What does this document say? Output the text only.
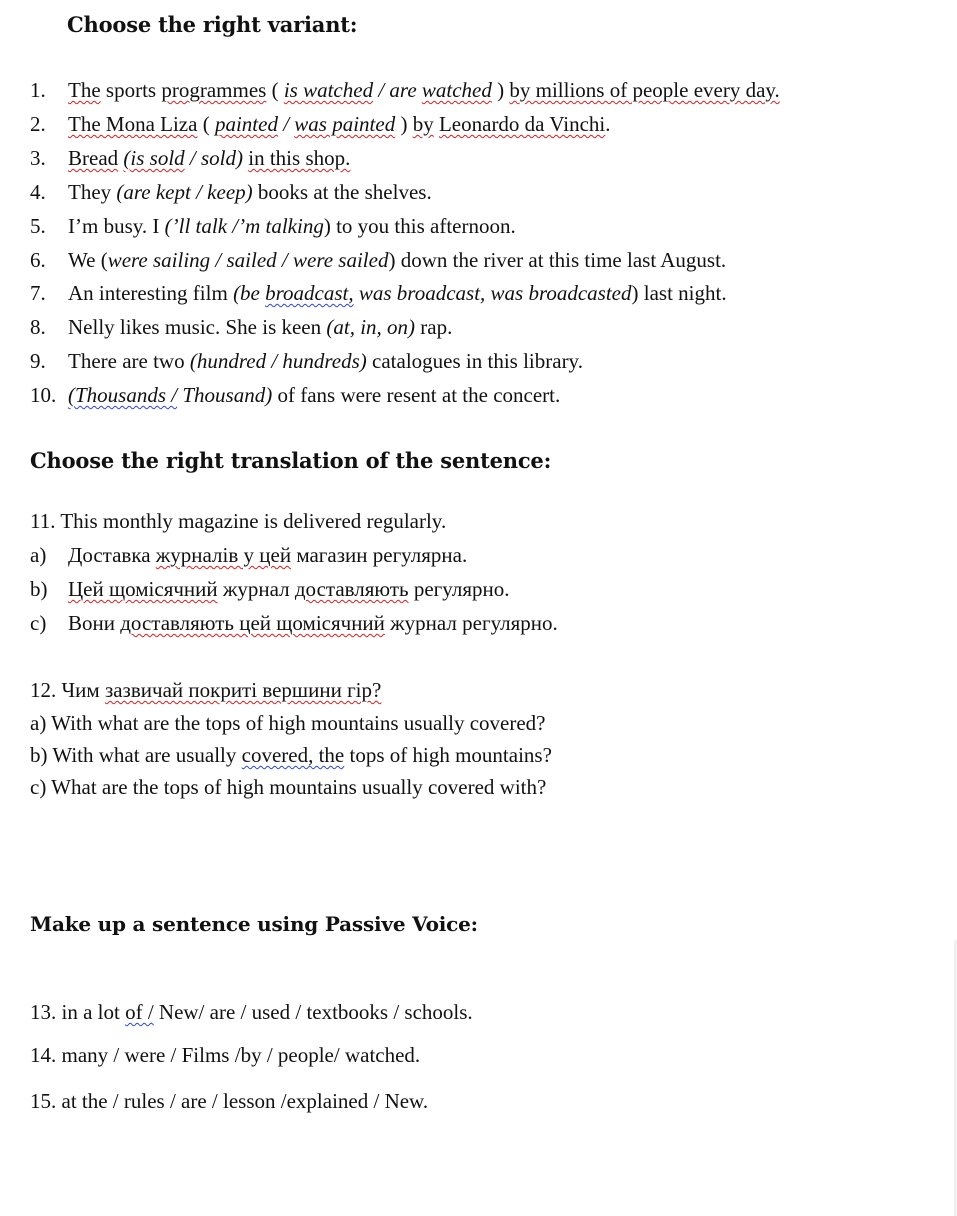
Choose the right variant:
1. The sports programmes ( is watched / are watched ) by millions of people every day.
2. The Mona Liza ( painted / was painted ) by Leonardo da Vinchi.
3. Bread (is sold / sold) in this shop.
4. They (are kept / keep) books at the shelves.
5. I’m busy. I (’ll talk /’m talking) to you this afternoon.
6. We (were sailing / sailed / were sailed) down the river at this time last August.
7. An interesting film (be broadcast, was broadcast, was broadcasted) last night.
8. Nelly likes music. She is keen (at, in, on) rap.
9. There are two (hundred / hundreds) catalogues in this library.
10. (Thousands / Thousand) of fans were resent at the concert.
Choose the right translation of the sentence:
11. This monthly magazine is delivered regularly.
a) Доставка журналів у цей магазин регулярна.
b) Цей щомісячний журнал доставляють регулярно.
c) Вони доставляють цей щомісячний журнал регулярно.
12. Чим зазвичай покриті вершини гір?
a) With what are the tops of high mountains usually covered?
b) With what are usually covered, the tops of high mountains?
c) What are the tops of high mountains usually covered with?
Make up a sentence using Passive Voice:
13. in a lot of / New/ are / used / textbooks / schools.
14. many / were / Films /by / people/ watched.
15. at the / rules / are / lesson /explained / New.
